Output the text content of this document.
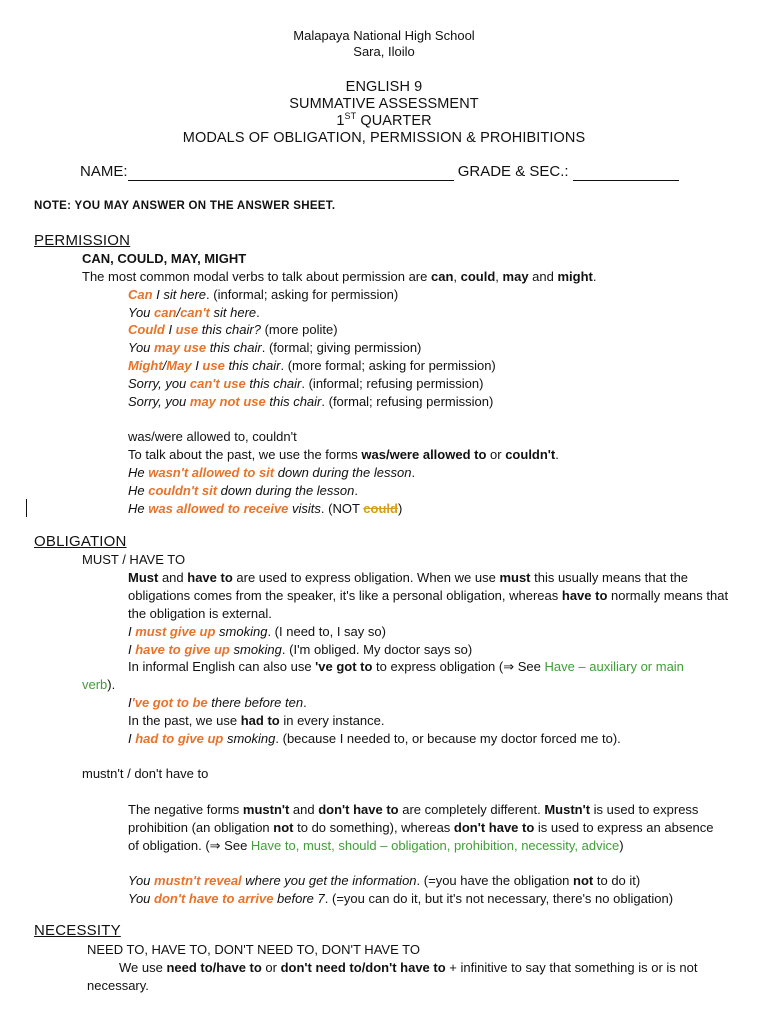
Malapaya National High School
Sara, Iloilo
ENGLISH 9
SUMMATIVE ASSESSMENT
1ST QUARTER
MODALS OF OBLIGATION, PERMISSION & PROHIBITIONS
NAME:	GRADE & SEC.:
NOTE: YOU MAY ANSWER ON THE ANSWER SHEET.
PERMISSION
CAN, COULD, MAY, MIGHT
The most common modal verbs to talk about permission are can, could, may and might.
Can I sit here. (informal; asking for permission)
You can/can't sit here.
Could I use this chair? (more polite)
You may use this chair. (formal; giving permission)
Might/May I use this chair. (more formal; asking for permission)
Sorry, you can't use this chair. (informal; refusing permission)
Sorry, you may not use this chair. (formal; refusing permission)
was/were allowed to, couldn't
To talk about the past, we use the forms was/were allowed to or couldn't.
He wasn't allowed to sit down during the lesson.
He couldn't sit down during the lesson.
He was allowed to receive visits. (NOT could)
OBLIGATION
MUST / HAVE TO
Must and have to are used to express obligation. When we use must this usually means that the obligations comes from the speaker, it's like a personal obligation, whereas have to normally means that the obligation is external.
I must give up smoking. (I need to, I say so)
I have to give up smoking. (I'm obliged. My doctor says so)
In informal English can also use 've got to to express obligation (⇒ See Have – auxiliary or main
verb).
I've got to be there before ten.
In the past, we use had to in every instance.
I had to give up smoking. (because I needed to, or because my doctor forced me to).
mustn't / don't have to
The negative forms mustn't and don't have to are completely different. Mustn't is used to express prohibition (an obligation not to do something), whereas don't have to is used to express an absence of obligation. (⇒ See Have to, must, should – obligation, prohibition, necessity, advice)
You mustn't reveal where you get the information. (=you have the obligation not to do it)
You don't have to arrive before 7. (=you can do it, but it's not necessary, there's no obligation)
NECESSITY
NEED TO, HAVE TO, DON'T NEED TO, DON'T HAVE TO
We use need to/have to or don't need to/don't have to + infinitive to say that something is or is not necessary.
